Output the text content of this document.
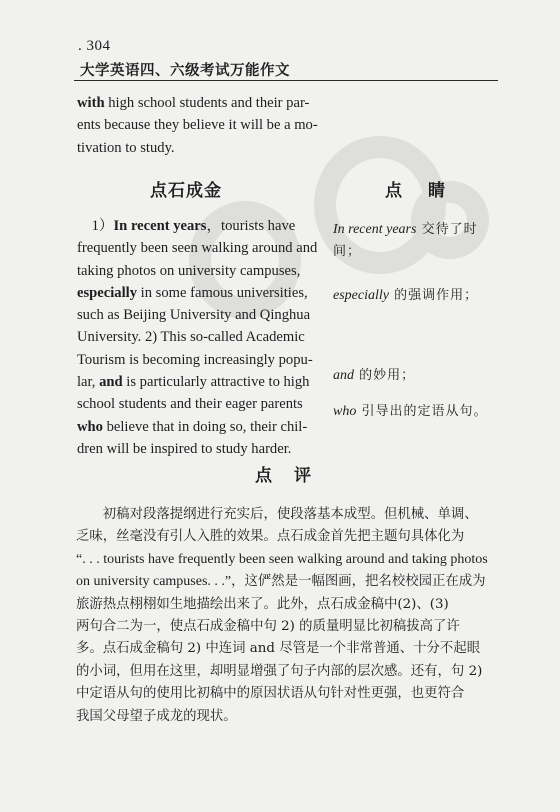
. 304
大学英语四、六级考试万能作文

with high school students and their par-
ents because they believe it will be a mo-
tivation to study.

点石成金	点睛

 1）In recent years，tourists have
frequently been seen walking around and
taking photos on university campuses,
especially in some famous universities,
such as Beijing University and Qinghua
University. 2) This so-called Academic
Tourism is becoming increasingly popu-
lar, and is particularly attractive to high
school students and their eager parents
who believe that in doing so, their chil-
dren will be inspired to study harder.

In recent years 交待了时
间；
especially 的强调作用；
and 的妙用；
who 引导出的定语从句。
点评
　　初稿对段落提纲进行充实后，使段落基本成型。但机械、单调、
乏味，丝毫没有引人入胜的效果。点石成金首先把主题句具体化为
“. . . tourists have frequently been seen walking around and taking photos
on university campuses. . .”，这俨然是一幅图画，把名校校园正在成为
旅游热点栩栩如生地描绘出来了。此外，点石成金稿中(2)、(3)
两句合二为一，使点石成金稿中句 2) 的质量明显比初稿拔高了许
多。点石成金稿句 2) 中连词 and 尽管是一个非常普通、十分不起眼
的小词，但用在这里，却明显增强了句子内部的层次感。还有，句 2)
中定语从句的使用比初稿中的原因状语从句针对性更强，也更符合
我国父母望子成龙的现状。
